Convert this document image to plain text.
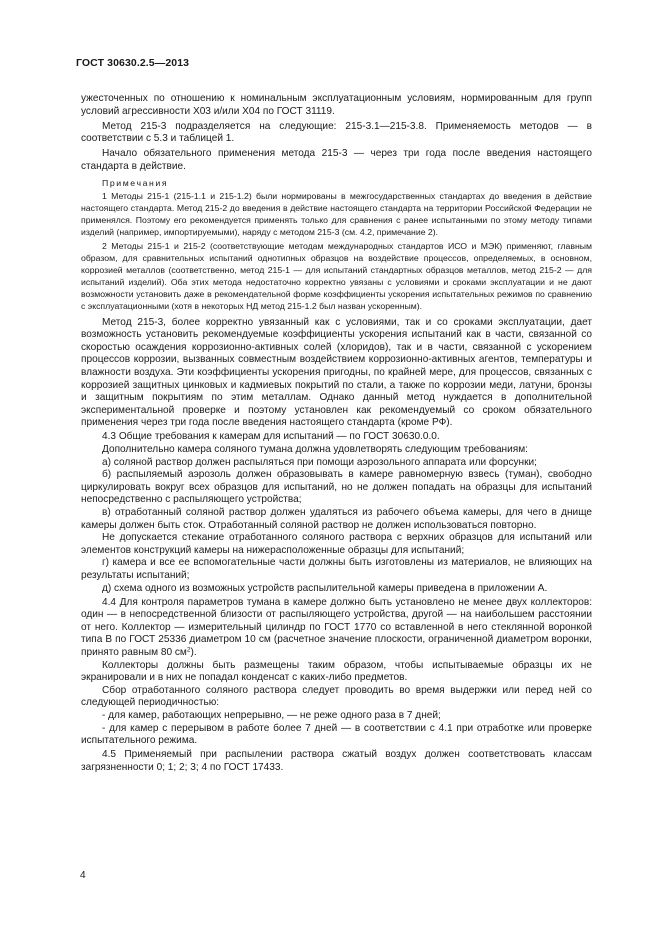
ГОСТ 30630.2.5—2013

ужесточенных по отношению к номинальным эксплуатационным условиям, нормированным для групп условий агрессивности Х03 и/или Х04 по ГОСТ 31119.

Метод 215-3 подразделяется на следующие: 215-3.1—215-3.8. Применяемость методов — в соответствии с 5.3 и таблицей 1.

Начало обязательного применения метода 215-3 — через три года после введения настоящего стандарта в действие.

Примечания

1 Методы 215-1 (215-1.1 и 215-1.2) были нормированы в межгосударственных стандартах до введения в действие настоящего стандарта. Метод 215-2 до введения в действие настоящего стандарта на территории Российской Федерации не применялся. Поэтому его рекомендуется применять только для сравнения с ранее испытанными по этому методу типами изделий (например, импортируемыми), наряду с методом 215-3 (см. 4.2, примечание 2).

2 Методы 215-1 и 215-2 (соответствующие методам международных стандартов ИСО и МЭК) применяют, главным образом, для сравнительных испытаний однотипных образцов на воздействие процессов, определяемых, в основном, коррозией металлов (соответственно, метод 215-1 — для испытаний стандартных образцов металлов, метод 215-2 — для испытаний изделий). Оба этих метода недостаточно корректно увязаны с условиями и сроками эксплуатации и не дают возможности установить даже в рекомендательной форме коэффициенты ускорения испытательных режимов по сравнению с эксплуатационными (хотя в некоторых НД метод 215-1.2 был назван ускоренным).

Метод 215-3, более корректно увязанный как с условиями, так и со сроками эксплуатации, дает возможность установить рекомендуемые коэффициенты ускорения испытаний как в части, связанной со скоростью осаждения коррозионно-активных солей (хлоридов), так и в части, связанной с ускорением процессов коррозии, вызванных совместным воздействием коррозионно-активных агентов, температуры и влажности воздуха. Эти коэффициенты ускорения пригодны, по крайней мере, для процессов, связанных с коррозией защитных цинковых и кадмиевых покрытий по стали, а также по коррозии меди, латуни, бронзы и защитным покрытиям по этим металлам. Однако данный метод нуждается в дополнительной экспериментальной проверке и поэтому установлен как рекомендуемый со сроком обязательного применения через три года после введения настоящего стандарта (кроме РФ).

4.3 Общие требования к камерам для испытаний — по ГОСТ 30630.0.0.

Дополнительно камера соляного тумана должна удовлетворять следующим требованиям:

а) соляной раствор должен распыляться при помощи аэрозольного аппарата или форсунки;

б) распыляемый аэрозоль должен образовывать в камере равномерную взвесь (туман), свободно циркулировать вокруг всех образцов для испытаний, но не должен попадать на образцы для испытаний непосредственно с распыляющего устройства;

в) отработанный соляной раствор должен удаляться из рабочего объема камеры, для чего в днище камеры должен быть сток. Отработанный соляной раствор не должен использоваться повторно.

Не допускается стекание отработанного соляного раствора с верхних образцов для испытаний или элементов конструкций камеры на нижерасположенные образцы для испытаний;

г) камера и все ее вспомогательные части должны быть изготовлены из материалов, не влияющих на результаты испытаний;

д) схема одного из возможных устройств распылительной камеры приведена в приложении А.

4.4 Для контроля параметров тумана в камере должно быть установлено не менее двух коллекторов: один — в непосредственной близости от распыляющего устройства, другой — на наибольшем расстоянии от него. Коллектор — измерительный цилиндр по ГОСТ 1770 со вставленной в него стеклянной воронкой типа В по ГОСТ 25336 диаметром 10 см (расчетное значение плоскости, ограниченной диаметром воронки, принято равным 80 $см^2$).

Коллекторы должны быть размещены таким образом, чтобы испытываемые образцы их не экранировали и в них не попадал конденсат с каких-либо предметов.

Сбор отработанного соляного раствора следует проводить во время выдержки или перед ней со следующей периодичностью:

- для камер, работающих непрерывно, — не реже одного раза в 7 дней;

- для камер с перерывом в работе более 7 дней — в соответствии с 4.1 при отработке или проверке испытательного режима.

4.5 Применяемый при распылении раствора сжатый воздух должен соответствовать классам загрязненности 0; 1; 2; 3; 4 по ГОСТ 17433.

4
